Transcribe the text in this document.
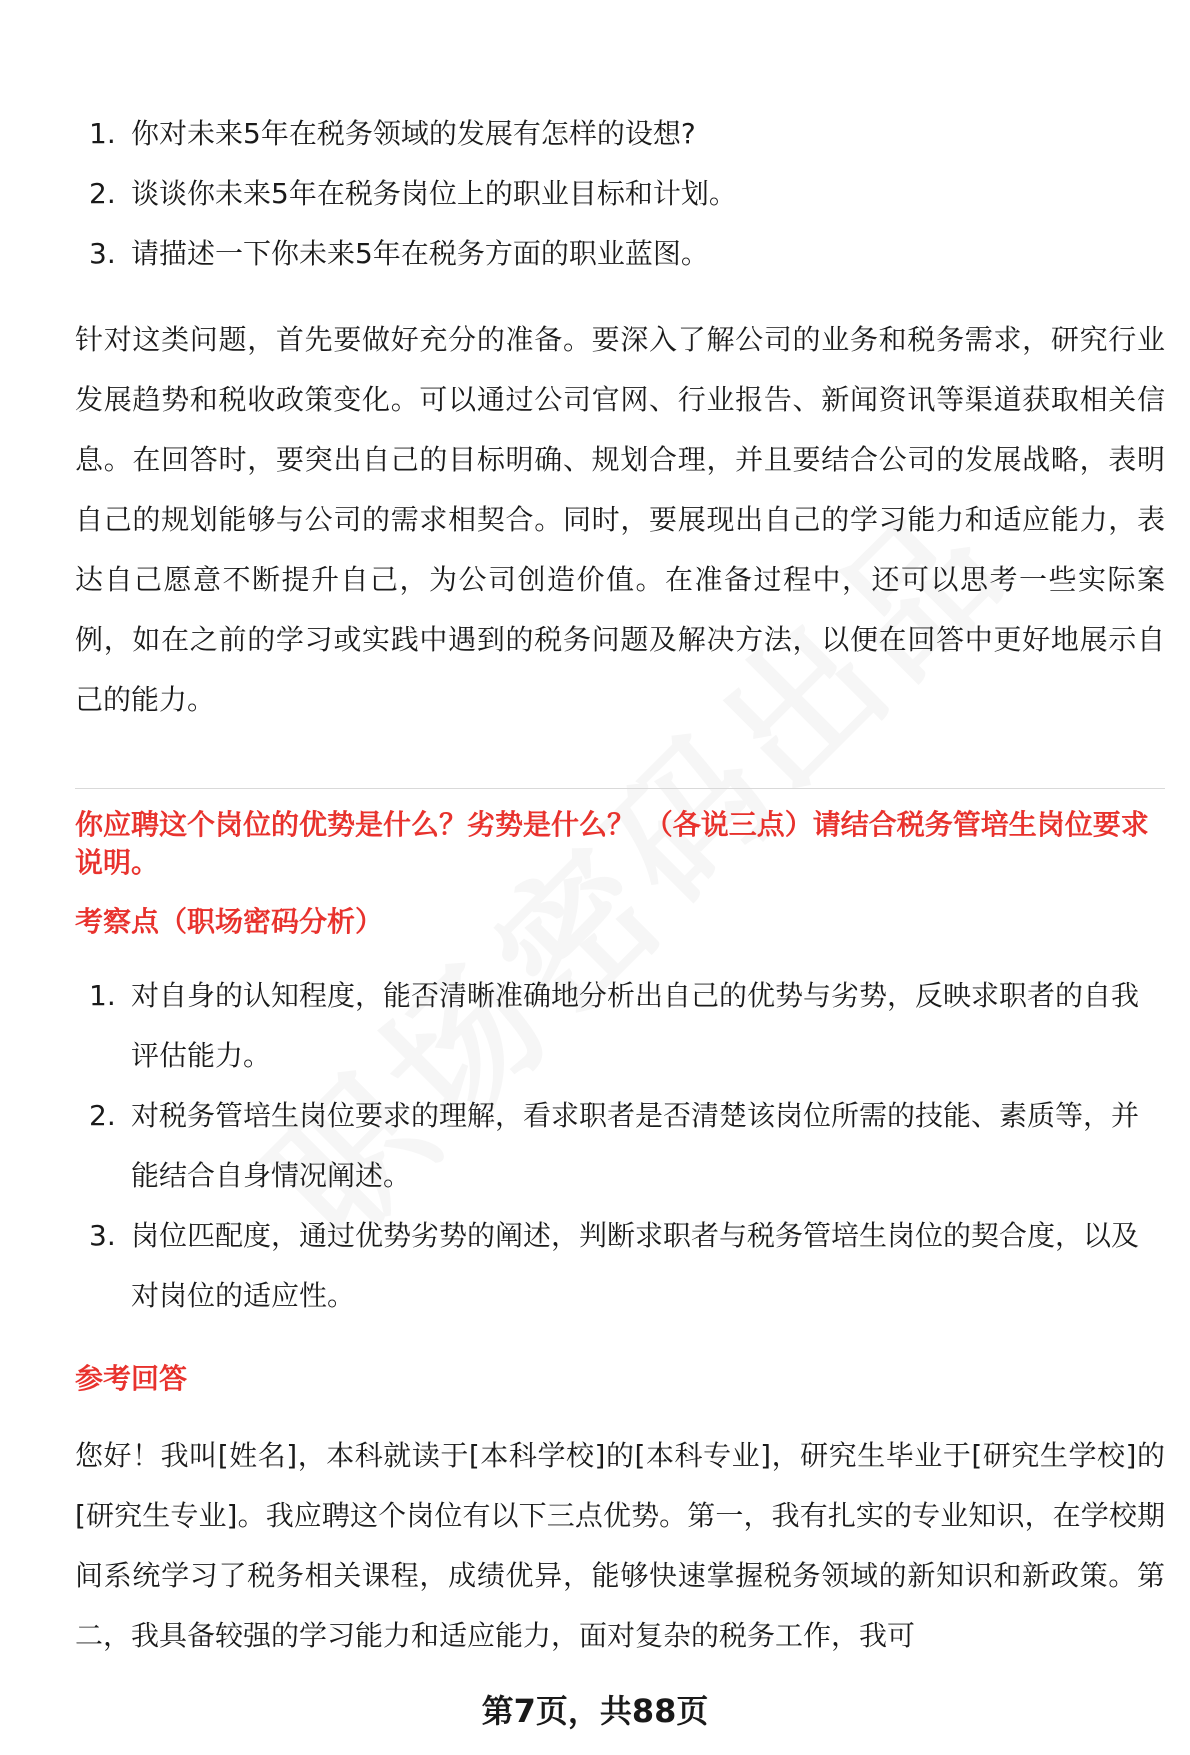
1. 你对未来5年在税务领域的发展有怎样的设想?
2. 谈谈你未来5年在税务岗位上的职业目标和计划。
3. 请描述一下你未来5年在税务方面的职业蓝图。

针对这类问题，首先要做好充分的准备。要深入了解公司的业务和税务需求，研究行业发展趋势和税收政策变化。可以通过公司官网、行业报告、新闻资讯等渠道获取相关信息。在回答时，要突出自己的目标明确、规划合理，并且要结合公司的发展战略，表明自己的规划能够与公司的需求相契合。同时，要展现出自己的学习能力和适应能力，表达自己愿意不断提升自己，为公司创造价值。在准备过程中，还可以思考一些实际案例，如在之前的学习或实践中遇到的税务问题及解决方法，以便在回答中更好地展示自己的能力。

你应聘这个岗位的优势是什么？劣势是什么？ （各说三点）请结合税务管培生岗位要求说明。

考察点（职场密码分析）

1. 对自身的认知程度，能否清晰准确地分析出自己的优势与劣势，反映求职者的自我评估能力。
2. 对税务管培生岗位要求的理解，看求职者是否清楚该岗位所需的技能、素质等，并能结合自身情况阐述。
3. 岗位匹配度，通过优势劣势的阐述，判断求职者与税务管培生岗位的契合度，以及对岗位的适应性。

参考回答

您好！我叫[姓名]，本科就读于[本科学校]的[本科专业]，研究生毕业于[研究生学校]的[研究生专业]。我应聘这个岗位有以下三点优势。第一，我有扎实的专业知识，在学校期间系统学习了税务相关课程，成绩优异，能够快速掌握税务领域的新知识和新政策。第二，我具备较强的学习能力和适应能力，面对复杂的税务工作，我可

第7页，共88页
